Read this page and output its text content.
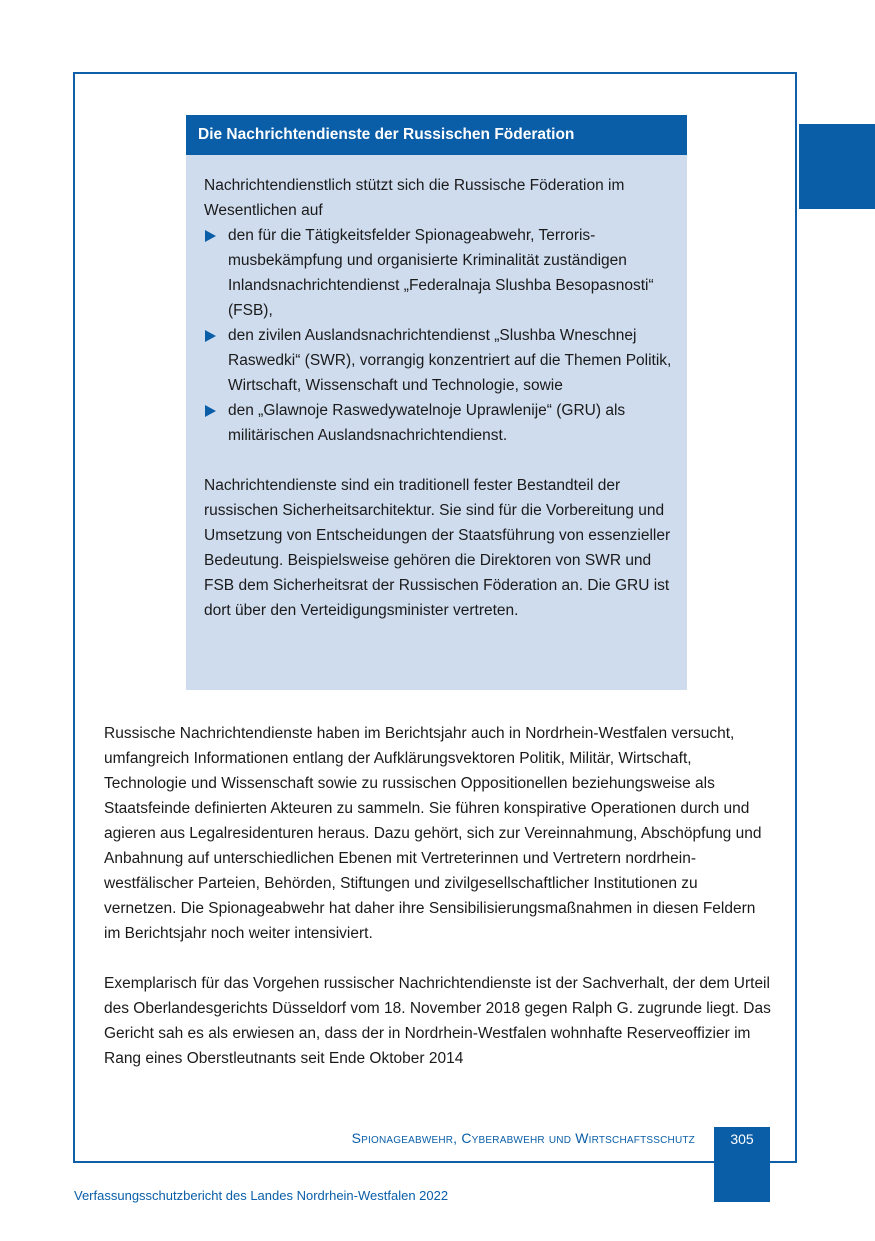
Die Nachrichtendienste der Russischen Föderation

Nachrichtendienstlich stützt sich die Russische Föderation im Wesentlichen auf

den für die Tätigkeitsfelder Spionageabwehr, Terrorismusbekämpfung und organisierte Kriminalität zuständigen Inlandsnachrichtendienst „Federalnaja Slushba Besopasnosti“ (FSB),
den zivilen Auslandsnachrichtendienst „Slushba Wneschnej Raswedki“ (SWR), vorrangig konzentriert auf die Themen Politik, Wirtschaft, Wissenschaft und Technologie, sowie
den „Glawnoje Raswedywatelnoje Uprawlenije“ (GRU) als militärischen Auslandsnachrichtendienst.

Nachrichtendienste sind ein traditionell fester Bestandteil der russischen Sicherheitsarchitektur. Sie sind für die Vorbereitung und Umsetzung von Entscheidungen der Staatsführung von essenzieller Bedeutung. Beispielsweise gehören die Direktoren von SWR und FSB dem Sicherheitsrat der Russischen Föderation an. Die GRU ist dort über den Verteidigungsminister vertreten.

Russische Nachrichtendienste haben im Berichtsjahr auch in Nordrhein-Westfalen versucht, umfangreich Informationen entlang der Aufklärungsvektoren Politik, Militär, Wirtschaft, Technologie und Wissenschaft sowie zu russischen Oppositionellen beziehungsweise als Staatsfeinde definierten Akteuren zu sammeln. Sie führen konspirative Operationen durch und agieren aus Legalresidenturen heraus. Dazu gehört, sich zur Vereinnahmung, Abschöpfung und Anbahnung auf unterschiedlichen Ebenen mit Vertreterinnen und Vertretern nordrhein-westfälischer Parteien, Behörden, Stiftungen und zivilgesellschaftlicher Institutionen zu vernetzen. Die Spionageabwehr hat daher ihre Sensibilisierungsmaßnahmen in diesen Feldern im Berichtsjahr noch weiter intensiviert.

Exemplarisch für das Vorgehen russischer Nachrichtendienste ist der Sachverhalt, der dem Urteil des Oberlandesgerichts Düsseldorf vom 18. November 2018 gegen Ralph G. zugrunde liegt. Das Gericht sah es als erwiesen an, dass der in Nordrhein-Westfalen wohnhafte Reserveoffizier im Rang eines Oberstleutnants seit Ende Oktober 2014

Spionageabwehr, Cyberabwehr und Wirtschaftsschutz	305
Verfassungsschutzbericht des Landes Nordrhein-Westfalen 2022
